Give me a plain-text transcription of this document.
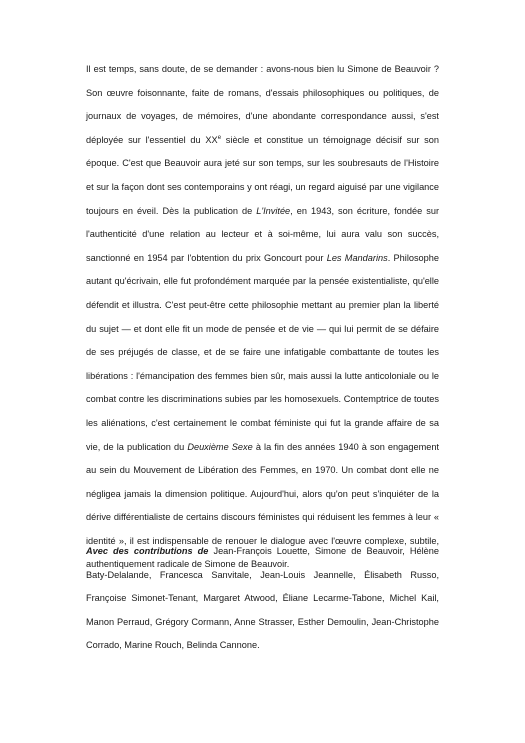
Il est temps, sans doute, de se demander : avons-nous bien lu Simone de Beauvoir ? Son œuvre foisonnante, faite de romans, d'essais philosophiques ou politiques, de journaux de voyages, de mémoires, d'une abondante correspondance aussi, s'est déployée sur l'essentiel du XXe siècle et constitue un témoignage décisif sur son époque. C'est que Beauvoir aura jeté sur son temps, sur les soubresauts de l'Histoire et sur la façon dont ses contemporains y ont réagi, un regard aiguisé par une vigilance toujours en éveil. Dès la publication de L'Invitée, en 1943, son écriture, fondée sur l'authenticité d'une relation au lecteur et à soi-même, lui aura valu son succès, sanctionné en 1954 par l'obtention du prix Goncourt pour Les Mandarins. Philosophe autant qu'écrivain, elle fut profondément marquée par la pensée existentialiste, qu'elle défendit et illustra. C'est peut-être cette philosophie mettant au premier plan la liberté du sujet — et dont elle fit un mode de pensée et de vie — qui lui permit de se défaire de ses préjugés de classe, et de se faire une infatigable combattante de toutes les libérations : l'émancipation des femmes bien sûr, mais aussi la lutte anticoloniale ou le combat contre les discriminations subies par les homosexuels. Contemptrice de toutes les aliénations, c'est certainement le combat féministe qui fut la grande affaire de sa vie, de la publication du Deuxième Sexe à la fin des années 1940 à son engagement au sein du Mouvement de Libération des Femmes, en 1970. Un combat dont elle ne négligea jamais la dimension politique. Aujourd'hui, alors qu'on peut s'inquiéter de la dérive différentialiste de certains discours féministes qui réduisent les femmes à leur « identité », il est indispensable de renouer le dialogue avec l'œuvre complexe, subtile, authentiquement radicale de Simone de Beauvoir.

Avec des contributions de Jean-François Louette, Simone de Beauvoir, Hélène Baty-Delalande, Francesca Sanvitale, Jean-Louis Jeannelle, Élisabeth Russo, Françoise Simonet-Tenant, Margaret Atwood, Éliane Lecarme-Tabone, Michel Kail, Manon Perraud, Grégory Cormann, Anne Strasser, Esther Demoulin, Jean-Christophe Corrado, Marine Rouch, Belinda Cannone.
